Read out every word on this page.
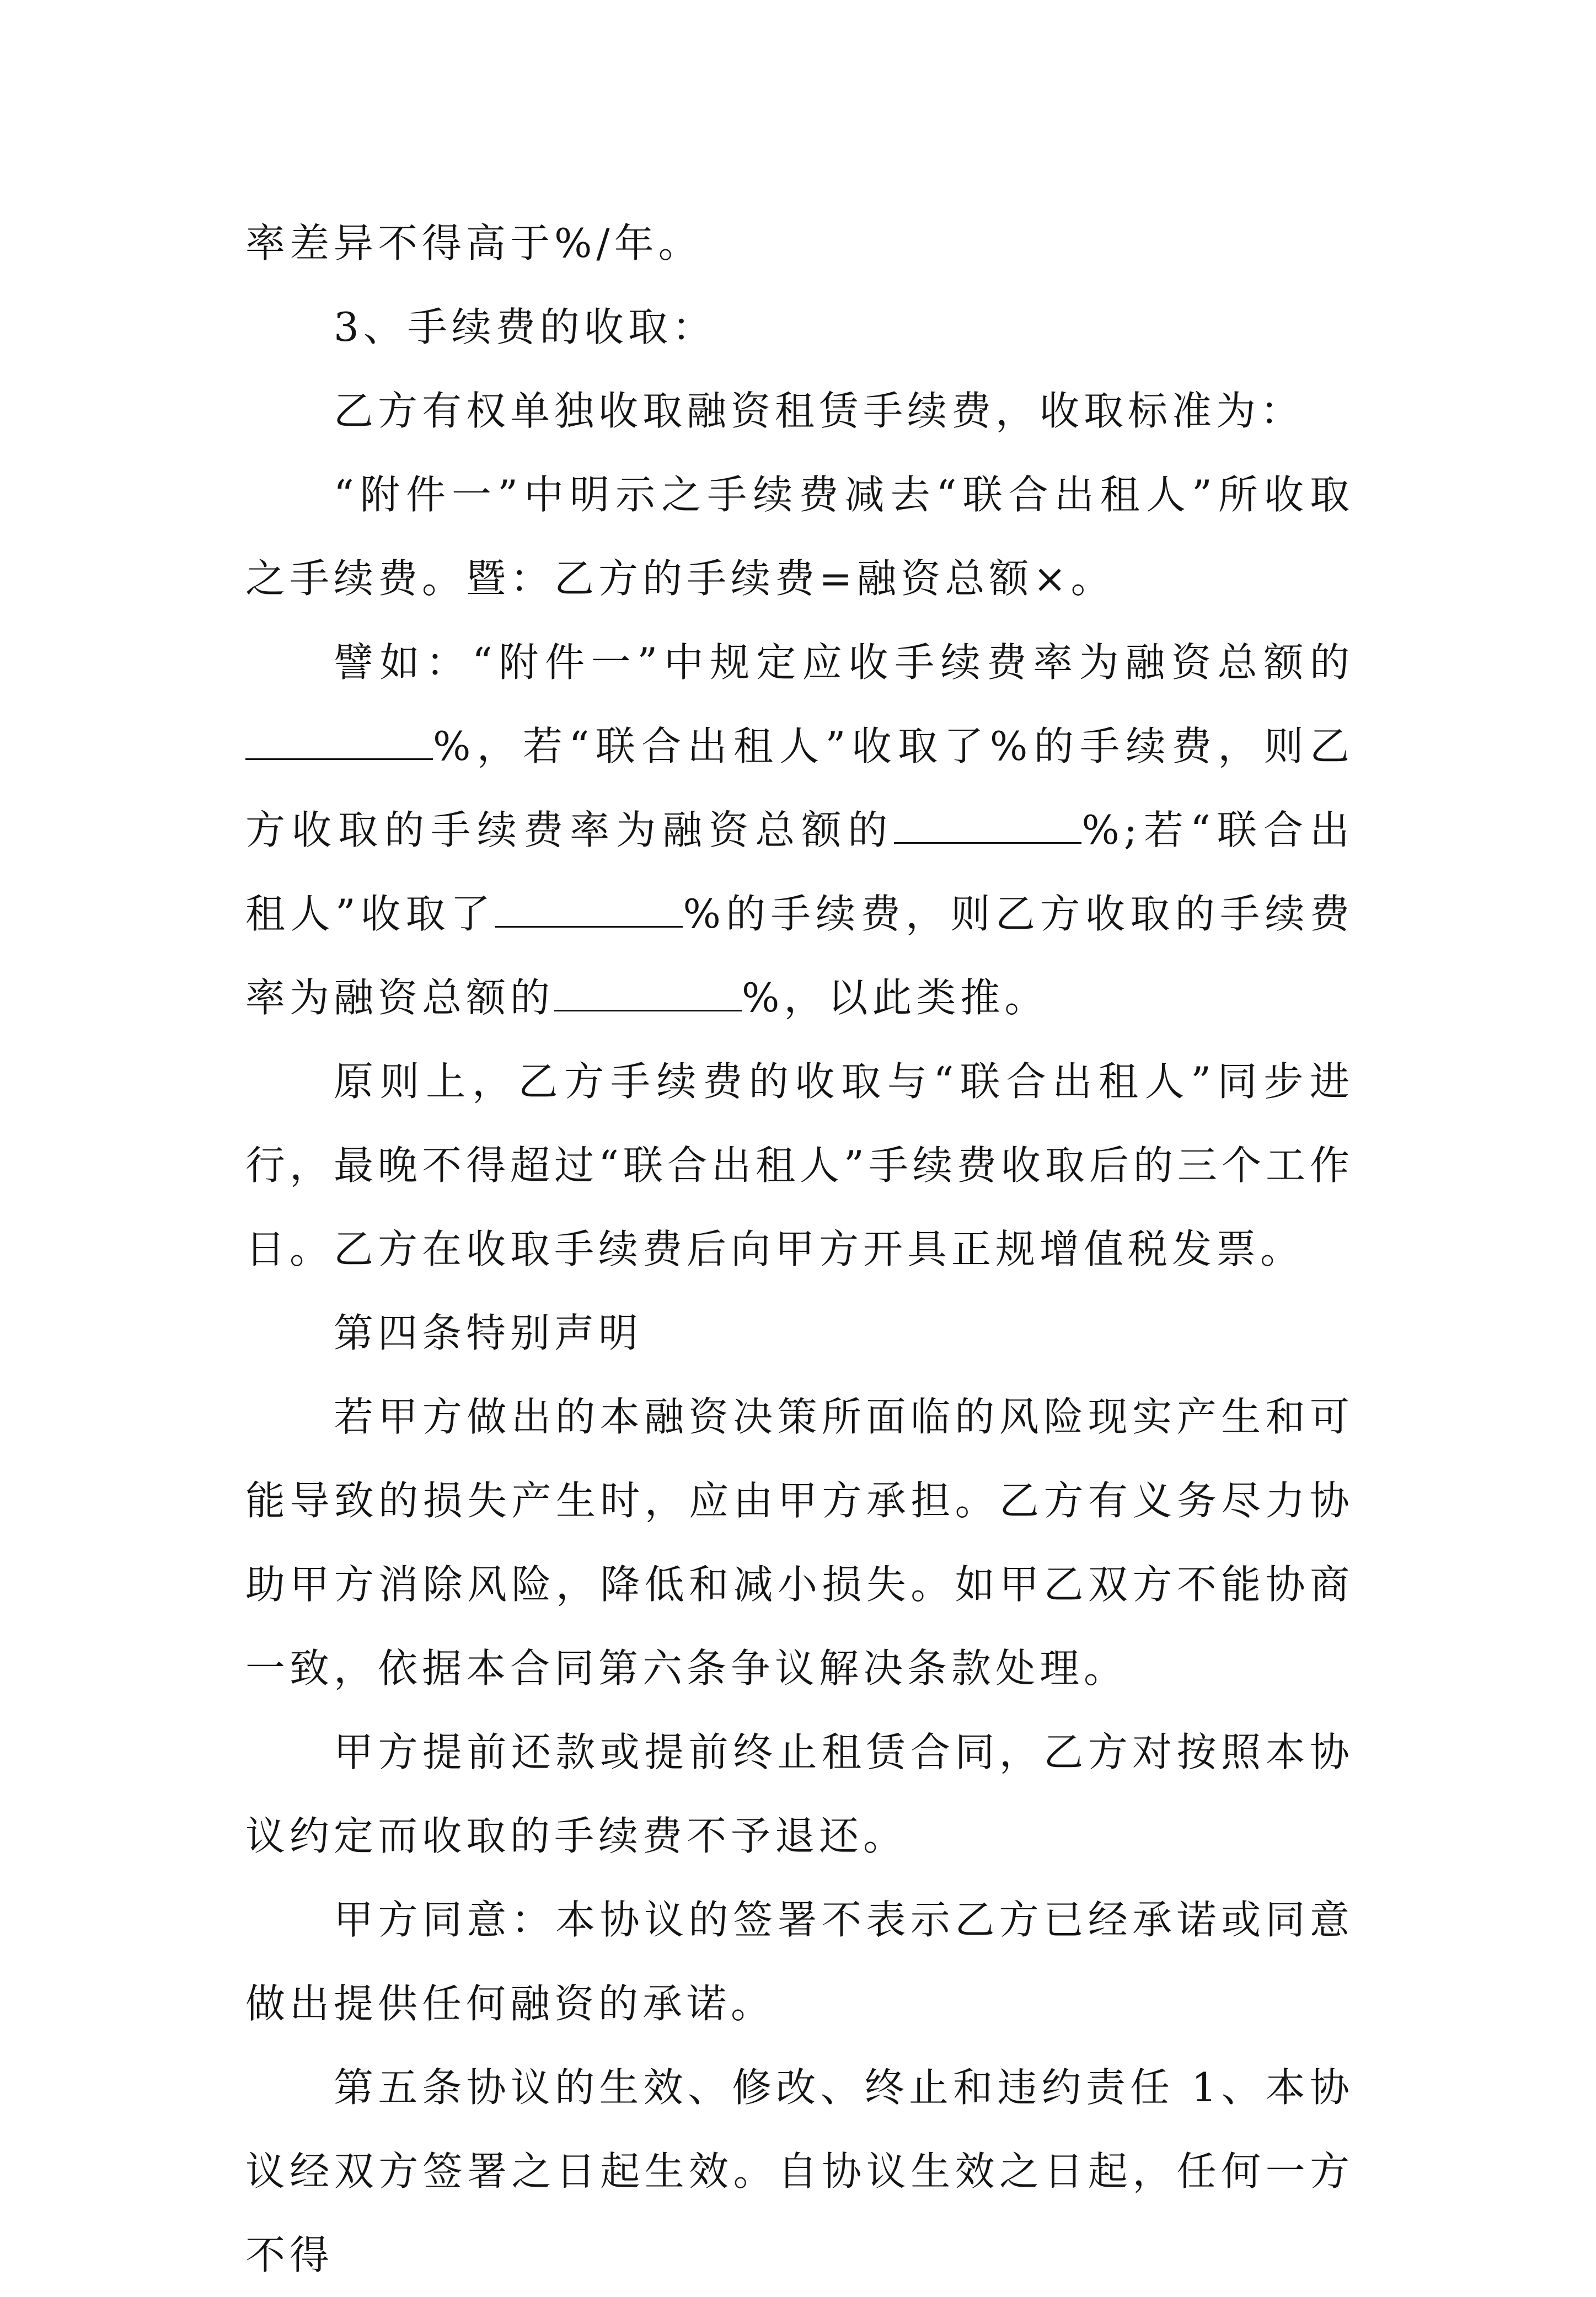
率差异不得高于%/年。

3、手续费的收取：

乙方有权单独收取融资租赁手续费，收取标准为：

“附件一”中明示之手续费减去“联合出租人”所收取之手续费。暨：乙方的手续费=融资总额×。

譬如：“附件一”中规定应收手续费率为融资总额的%，若“联合出租人”收取了%的手续费，则乙方收取的手续费率为融资总额的	%;若“联合出租人”收取了	%的手续费，则乙方收取的手续费率为融资总额的	%，以此类推。

原则上，乙方手续费的收取与“联合出租人”同步进行，最晚不得超过“联合出租人”手续费收取后的三个工作日。乙方在收取手续费后向甲方开具正规增值税发票。

第四条特别声明

若甲方做出的本融资决策所面临的风险现实产生和可能导致的损失产生时，应由甲方承担。乙方有义务尽力协助甲方消除风险，降低和减小损失。如甲乙双方不能协商一致，依据本合同第六条争议解决条款处理。

甲方提前还款或提前终止租赁合同，乙方对按照本协议约定而收取的手续费不予退还。

甲方同意：本协议的签署不表示乙方已经承诺或同意做出提供任何融资的承诺。

第五条协议的生效、修改、终止和违约责任 1、本协议经双方签署之日起生效。自协议生效之日起，任何一方不得
